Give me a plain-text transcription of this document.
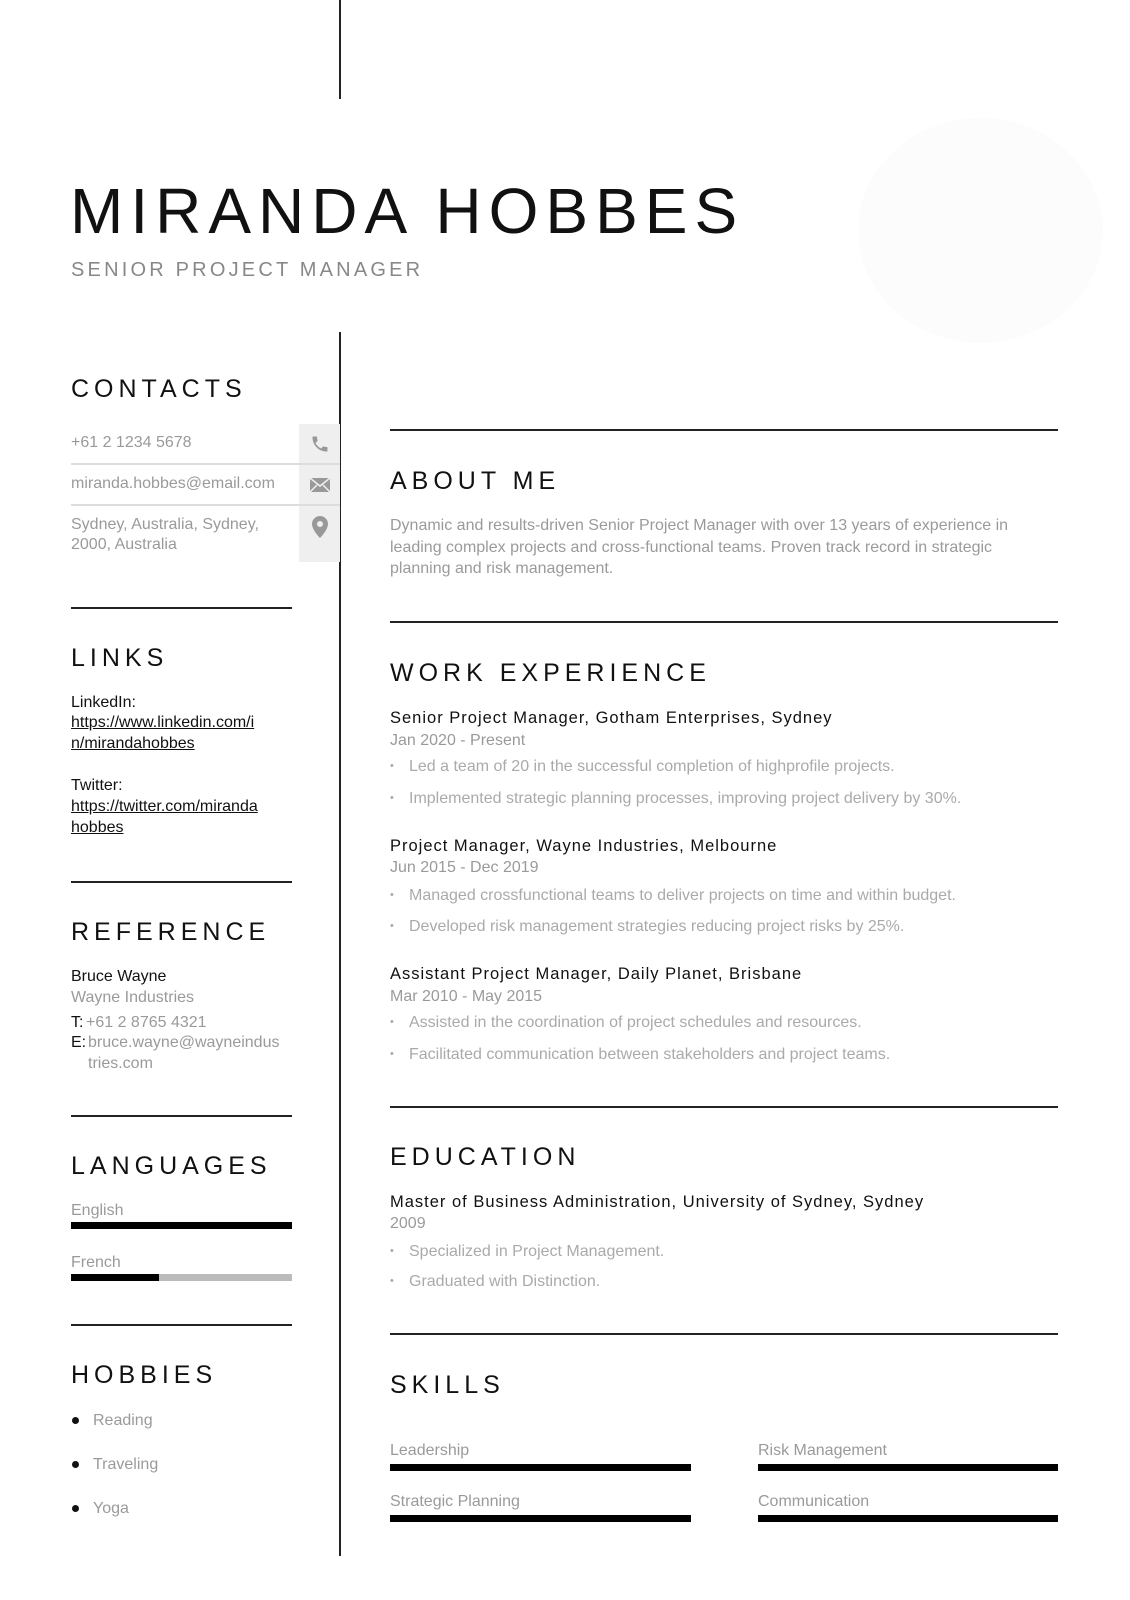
MIRANDA HOBBES
SENIOR PROJECT MANAGER
CONTACTS
+61 2 1234 5678
miranda.hobbes@email.com
Sydney, Australia, Sydney,
2000, Australia
LINKS
LinkedIn:
https://www.linkedin.com/i
n/mirandahobbes
Twitter:
https://twitter.com/miranda
hobbes
REFERENCE
Bruce Wayne
Wayne Industries
T: +61 2 8765 4321
E: bruce.wayne@wayneindus
tries.com
LANGUAGES
English
French
HOBBIES
Reading
Traveling
Yoga
ABOUT ME
Dynamic and results-driven Senior Project Manager with over 13 years of experience in
leading complex projects and cross-functional teams. Proven track record in strategic
planning and risk management.
WORK EXPERIENCE
Senior Project Manager, Gotham Enterprises, Sydney
Jan 2020 - Present
• Led a team of 20 in the successful completion of highprofile projects.
• Implemented strategic planning processes, improving project delivery by 30%.
Project Manager, Wayne Industries, Melbourne
Jun 2015 - Dec 2019
• Managed crossfunctional teams to deliver projects on time and within budget.
• Developed risk management strategies reducing project risks by 25%.
Assistant Project Manager, Daily Planet, Brisbane
Mar 2010 - May 2015
• Assisted in the coordination of project schedules and resources.
• Facilitated communication between stakeholders and project teams.
EDUCATION
Master of Business Administration, University of Sydney, Sydney
2009
• Specialized in Project Management.
• Graduated with Distinction.
SKILLS
Leadership	Risk Management
Strategic Planning	Communication
